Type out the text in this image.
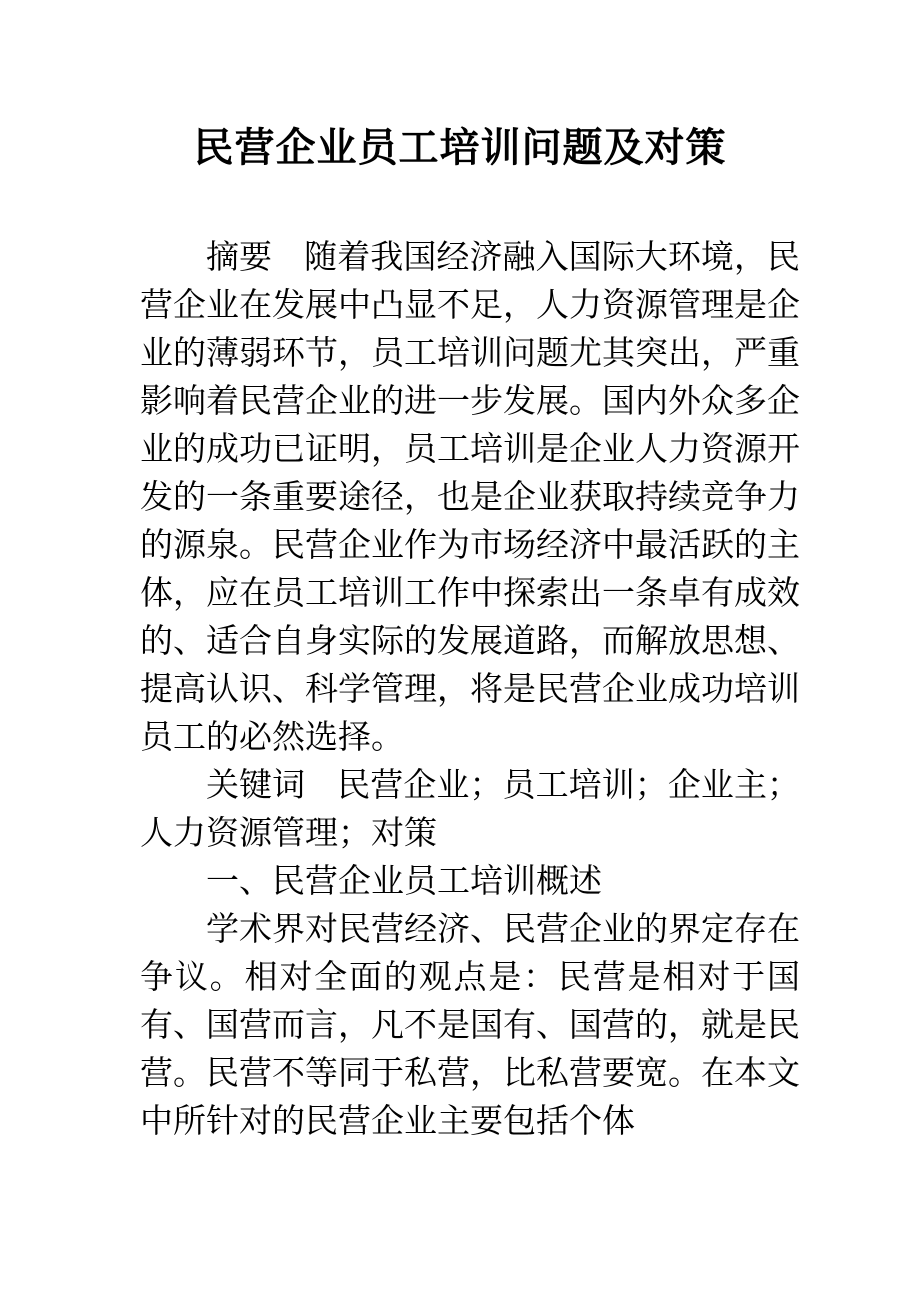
民营企业员工培训问题及对策

摘要 随着我国经济融入国际大环境，民营企业在发展中凸显不足，人力资源管理是企业的薄弱环节，员工培训问题尤其突出，严重影响着民营企业的进一步发展。国内外众多企业的成功已证明，员工培训是企业人力资源开发的一条重要途径，也是企业获取持续竞争力的源泉。民营企业作为市场经济中最活跃的主体，应在员工培训工作中探索出一条卓有成效的、适合自身实际的发展道路，而解放思想、提高认识、科学管理，将是民营企业成功培训员工的必然选择。

关键词 民营企业；员工培训；企业主；人力资源管理；对策

一、民营企业员工培训概述

学术界对民营经济、民营企业的界定存在争议。相对全面的观点是：民营是相对于国有、国营而言，凡不是国有、国营的，就是民营。民营不等同于私营，比私营要宽。在本文中所针对的民营企业主要包括个体
